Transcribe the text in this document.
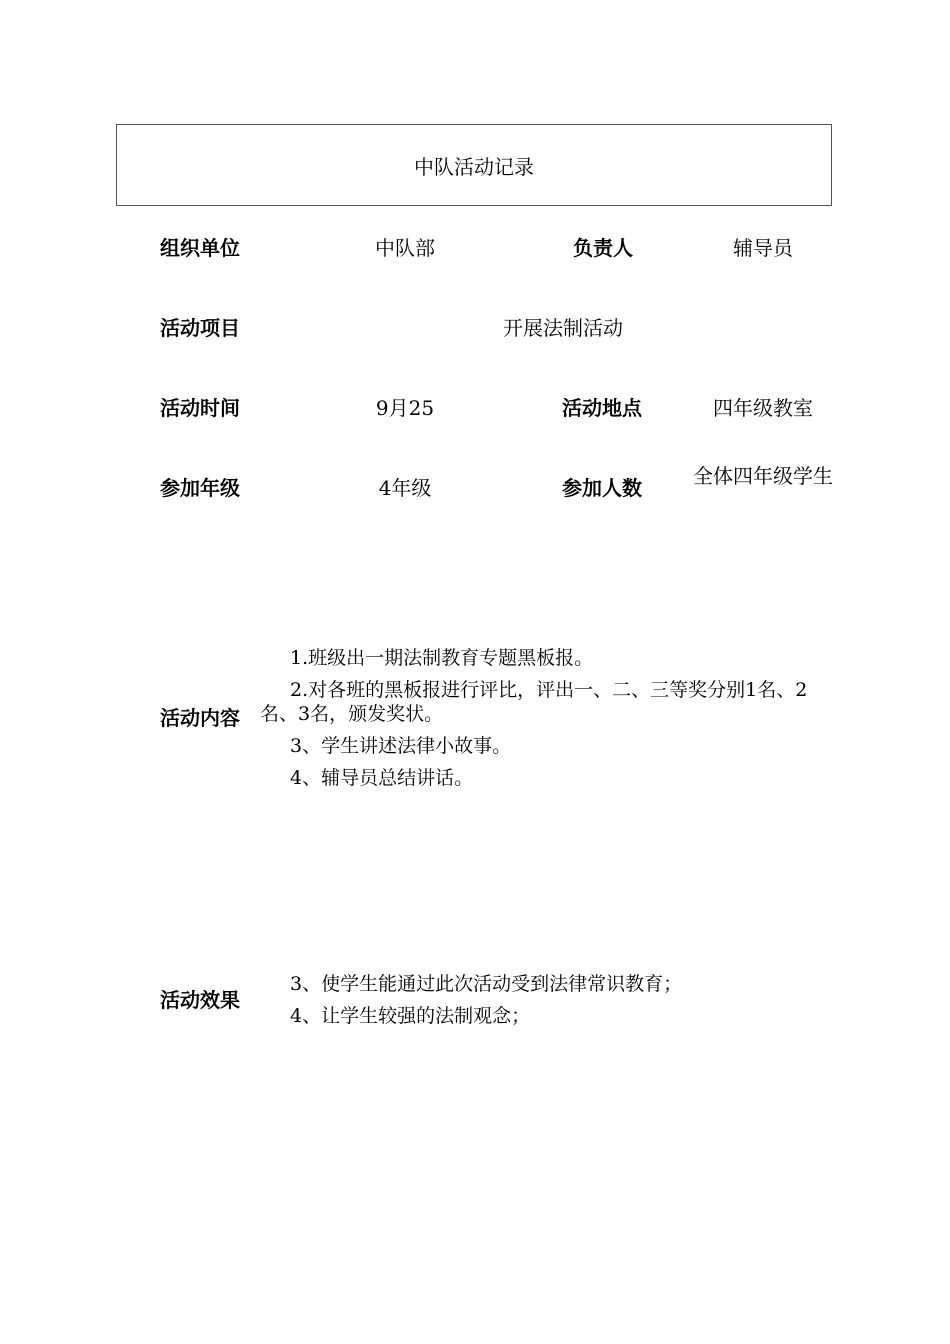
中队活动记录
组织单位	中队部	负责人	辅导员
活动项目	开展法制活动
活动时间	9月25	活动地点	四年级教室
参加年级	4年级	参加人数	全体四年级学生
活动内容

1.班级出一期法制教育专题黑板报。

2.对各班的黑板报进行评比，评出一、二、三等奖分别1名、2名、3名，颁发奖状。

3、学生讲述法律小故事。

4、辅导员总结讲话。

活动效果

3、使学生能通过此次活动受到法律常识教育；

4、让学生较强的法制观念；
